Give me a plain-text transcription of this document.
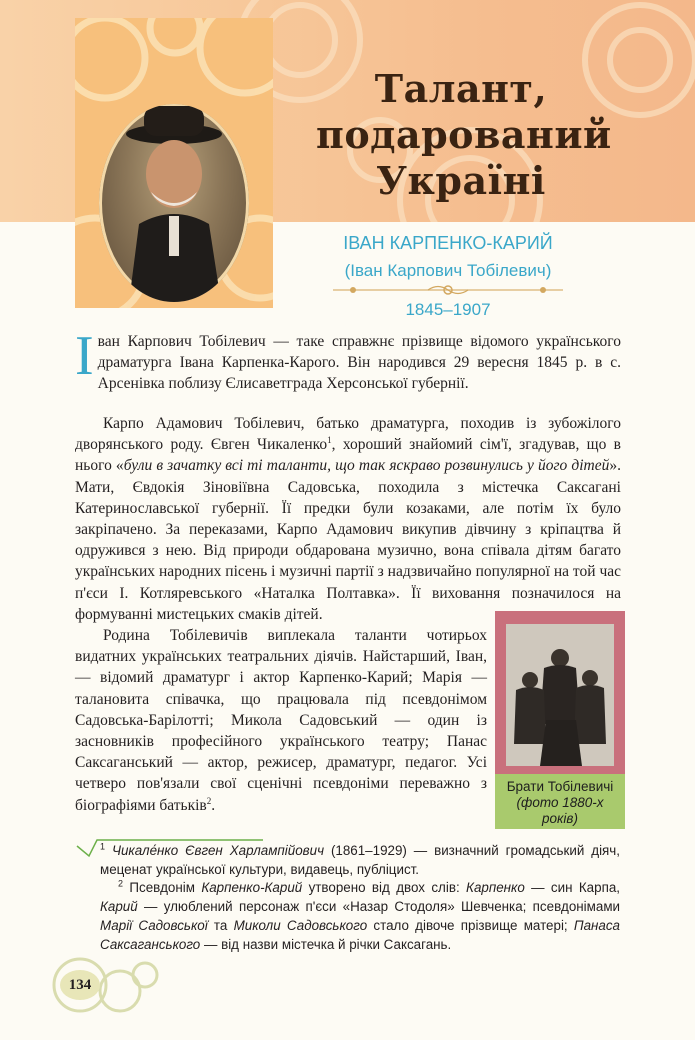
Талант,
подарований
Україні
ІВАН КАРПЕНКО-КАРИЙ
(Іван Карпович Тобілевич)
1845–1907
Іван Карпович Тобілевич — таке справжнє прізвище відомого українського драматурга Івана Карпенка-Карого. Він народився 29 вересня 1845 р. в с. Арсенівка поблизу Єлисаветграда Херсонської губернії.

Карпо Адамович Тобілевич, батько драматурга, походив із зубожілого дворянського роду. Євген Чикаленко$^1$, хороший знайомий сім'ї, згадував, що в нього «були в зачатку всі ті таланти, що так яскраво розвинулись у його дітей». Мати, Євдокія Зіновіївна Садовська, походила з містечка Саксагані Катеринославської губернії. Її предки були козаками, але потім їх було закріпачено. За переказами, Карпо Адамович викупив дівчину з кріпацтва й одружився з нею. Від природи обдарована музично, вона співала дітям багато українських народних пісень і музичні партії з надзвичайно популярної на той час п'єси І. Котляревського «Наталка Полтавка». Її виховання позначилося на формуванні мистецьких смаків дітей.

Родина Тобілевичів виплекала таланти чотирьох видатних українських театральних діячів. Найстарший, Іван, — відомий драматург і актор Карпенко-Карий; Марія — талановита співачка, що працювала під псевдонімом Садовська-Барілотті; Микола Садовський — один із засновників професійного українського театру; Панас Саксаганський — актор, режисер, драматург, педагог. Усі четверо пов'язали свої сценічні псевдоніми переважно з біографіями батьків$^2$.

Брати Тобілевичі
(фото 1880-х
років)
$^1$ Чикале́нко Євген Харлампійович (1861–1929) — визначний громадський діяч, меценат української культури, видавець, публіцист.
$^2$ Псевдонім Карпенко-Карий утворено від двох слів: Карпенко — син Карпа, Карий — улюблений персонаж п'єси «Назар Стодоля» Шевченка; псевдонімами Марії Садовської та Миколи Садовського стало дівоче прізвище матері; Панаса Саксаганського — від назви містечка й річки Саксагань.
134
